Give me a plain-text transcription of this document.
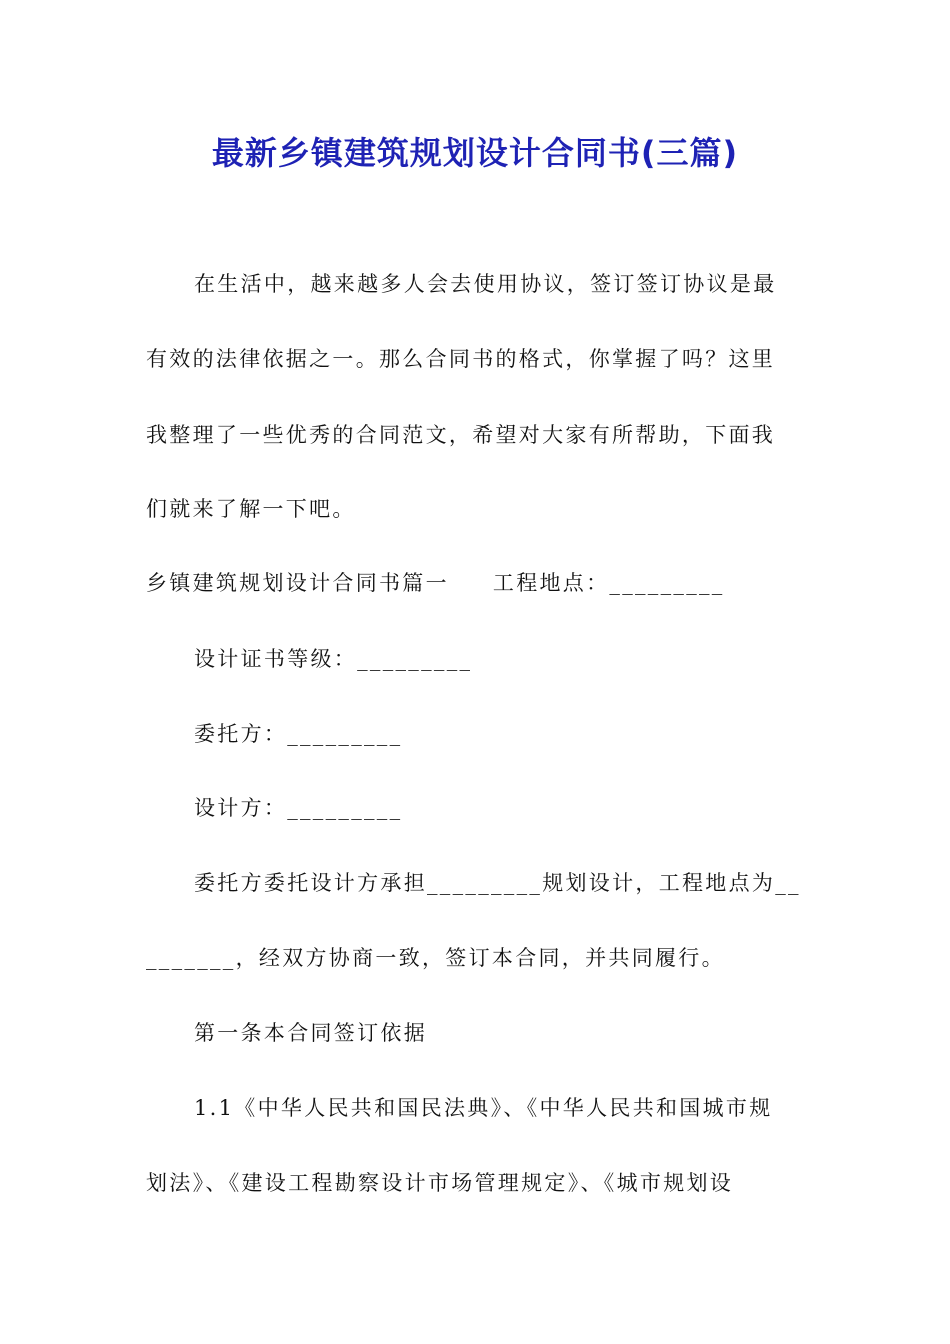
最新乡镇建筑规划设计合同书(三篇)
在生活中，越来越多人会去使用协议，签订签订协议是最
有效的法律依据之一。那么合同书的格式，你掌握了吗？这里
我整理了一些优秀的合同范文，希望对大家有所帮助，下面我
们就来了解一下吧。
乡镇建筑规划设计合同书篇一 工程地点：_________
设计证书等级：_________
委托方：_________
设计方：_________
委托方委托设计方承担_________规划设计，工程地点为__
_______，经双方协商一致，签订本合同，并共同履行。
第一条本合同签订依据
1.1《中华人民共和国民法典》、《中华人民共和国城市规
划法》、《建设工程勘察设计市场管理规定》、《城市规划设
